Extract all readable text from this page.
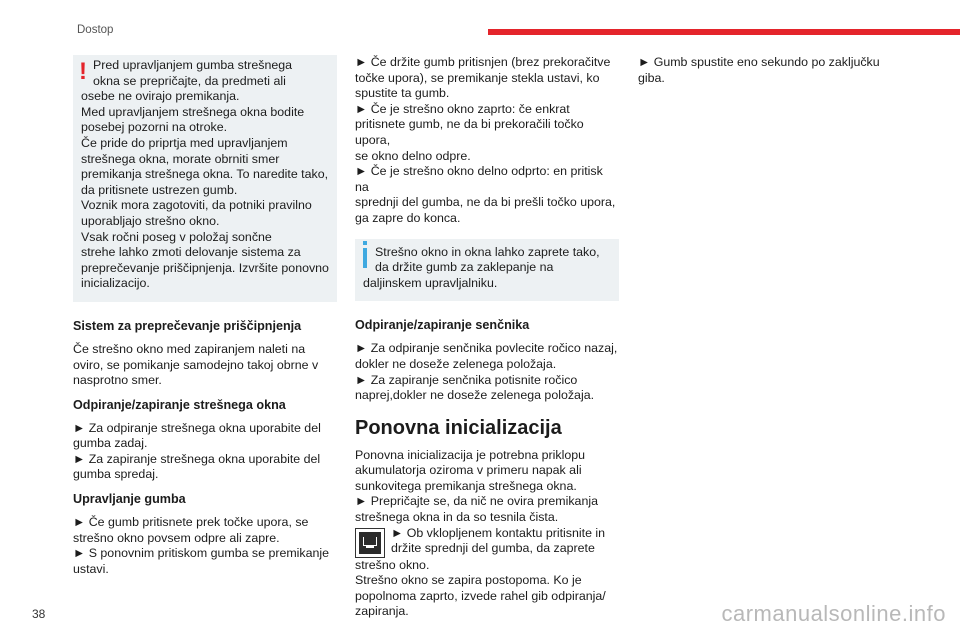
Dostop
! Pred upravljanjem gumba strešnega

okna se prepričajte, da predmeti ali

osebe ne ovirajo premikanja.

Med upravljanjem strešnega okna bodite

posebej pozorni na otroke.

Če pride do priprtja med upravljanjem

strešnega okna, morate obrniti smer

premikanja strešnega okna. To naredite tako,

da pritisnete ustrezen gumb.

Voznik mora zagotoviti, da potniki pravilno

uporabljajo strešno okno.

Vsak ročni poseg v položaj sončne

strehe lahko zmoti delovanje sistema za

preprečevanje priščipnjenja. Izvršite ponovno

inicializacijo.

Sistem za preprečevanje priščipnjenja

Če strešno okno med zapiranjem naleti na

oviro, se pomikanje samodejno takoj obrne v

nasprotno smer.

Odpiranje/zapiranje strešnega okna

► Za odpiranje strešnega okna uporabite del

gumba zadaj.

► Za zapiranje strešnega okna uporabite del

gumba spredaj.

Upravljanje gumba

► Če gumb pritisnete prek točke upora, se

strešno okno povsem odpre ali zapre.

► S ponovnim pritiskom gumba se premikanje

ustavi.

► Če držite gumb pritisnjen (brez prekoračitve

točke upora), se premikanje stekla ustavi, ko

spustite ta gumb.

► Če je strešno okno zaprto: če enkrat

pritisnete gumb, ne da bi prekoračili točko upora,

se okno delno odpre.

► Če je strešno okno delno odprto: en pritisk na

sprednji del gumba, ne da bi prešli točko upora,

ga zapre do konca.

Strešno okno in okna lahko zaprete tako,

da držite gumb za zaklepanje na

daljinskem upravljalniku.

Odpiranje/zapiranje senčnika

► Za odpiranje senčnika povlecite ročico nazaj,

dokler ne doseže zelenega položaja.

► Za zapiranje senčnika potisnite ročico

naprej,dokler ne doseže zelenega položaja.

Ponovna inicializacija

Ponovna inicializacija je potrebna priklopu

akumulatorja oziroma v primeru napak ali

sunkovitega premikanja strešnega okna.

► Prepričajte se, da nič ne ovira premikanja

strešnega okna in da so tesnila čista.

► Ob vklopljenem kontaktu pritisnite in

držite sprednji del gumba, da zaprete

strešno okno.

Strešno okno se zapira postopoma. Ko je

popolnoma zaprto, izvede rahel gib odpiranja/

zapiranja.

► Gumb spustite eno sekundo po zaključku

giba.

38	carmanualsonline.info
